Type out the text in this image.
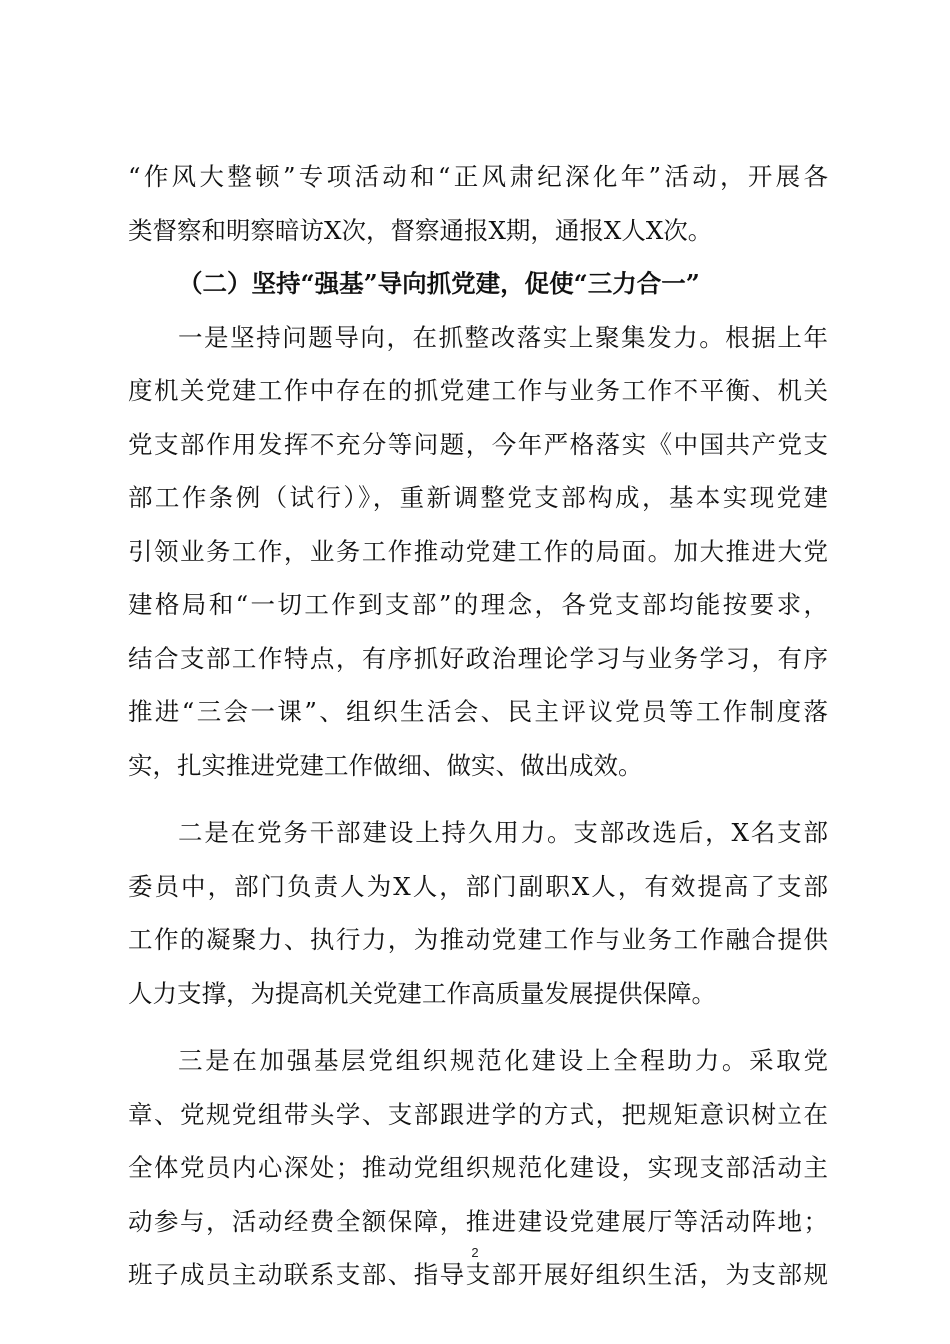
“作风大整顿”专项活动和“正风肃纪深化年”活动，开展各
类督察和明察暗访X次，督察通报X期，通报X人X次。
（二）坚持“强基”导向抓党建，促使“三力合一”
一是坚持问题导向，在抓整改落实上聚集发力。根据上年
度机关党建工作中存在的抓党建工作与业务工作不平衡、机关
党支部作用发挥不充分等问题，今年严格落实《中国共产党支
部工作条例（试行）》，重新调整党支部构成，基本实现党建
引领业务工作，业务工作推动党建工作的局面。加大推进大党
建格局和“一切工作到支部”的理念，各党支部均能按要求，
结合支部工作特点，有序抓好政治理论学习与业务学习，有序
推进“三会一课”、组织生活会、民主评议党员等工作制度落
实，扎实推进党建工作做细、做实、做出成效。
二是在党务干部建设上持久用力。支部改选后，X名支部
委员中，部门负责人为X人，部门副职X人，有效提高了支部
工作的凝聚力、执行力，为推动党建工作与业务工作融合提供
人力支撑，为提高机关党建工作高质量发展提供保障。
三是在加强基层党组织规范化建设上全程助力。采取党
章、党规党组带头学、支部跟进学的方式，把规矩意识树立在
全体党员内心深处；推动党组织规范化建设，实现支部活动主
动参与，活动经费全额保障，推进建设党建展厅等活动阵地；
班子成员主动联系支部、指导支部开展好组织生活，为支部规
2
